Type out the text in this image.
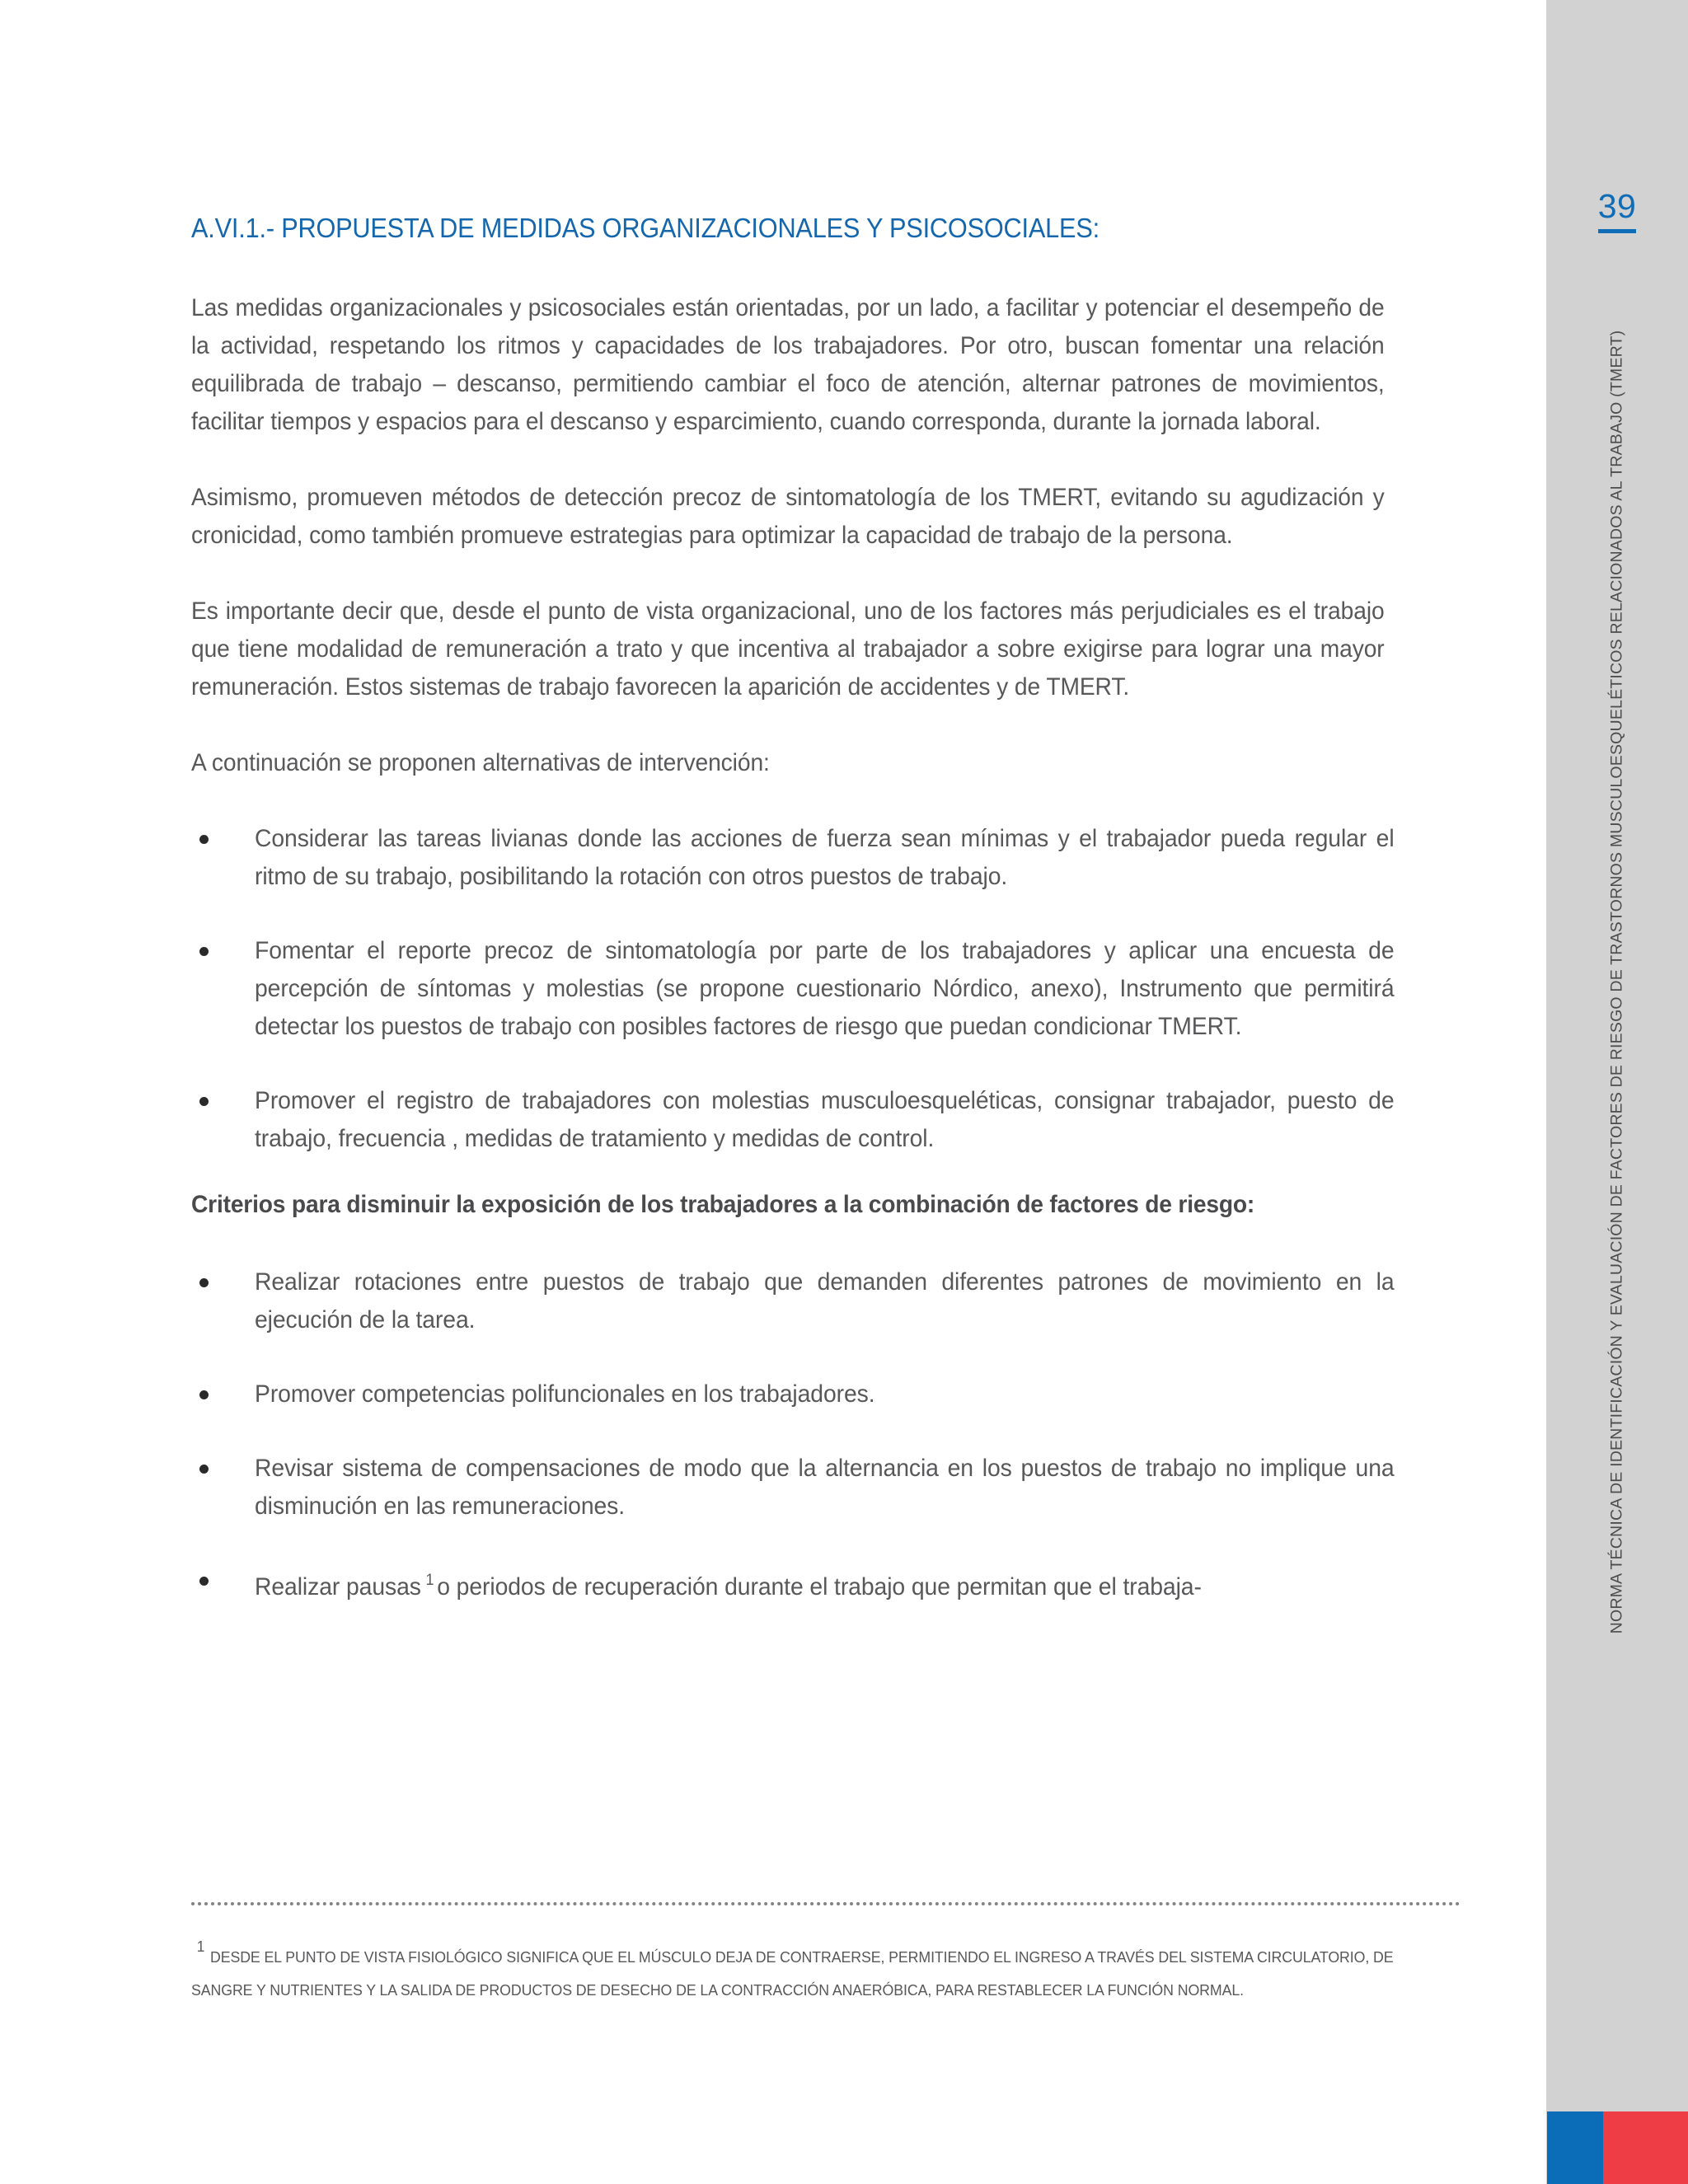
39
NORMA TÉCNICA DE IDENTIFICACIÓN Y EVALUACIÓN DE FACTORES DE RIESGO DE TRASTORNOS MUSCULOESQUELÉTICOS RELACIONADOS AL TRABAJO (TMERT)
A.VI.1.- PROPUESTA DE MEDIDAS ORGANIZACIONALES Y PSICOSOCIALES:

Las medidas organizacionales y psicosociales están orientadas, por un lado, a facilitar y potenciar el desempeño de la actividad, respetando los ritmos y capacidades de los trabajadores. Por otro, buscan fomentar una relación equilibrada de trabajo – descanso, permitiendo cambiar el foco de atención, alternar patrones de movimientos, facilitar tiempos y espacios para el descanso y esparcimiento, cuando corresponda, durante la jornada laboral.

Asimismo, promueven métodos de detección precoz de sintomatología de los TMERT, evitando su agudización y cronicidad, como también promueve estrategias para optimizar la capacidad de trabajo de la persona.

Es importante decir que, desde el punto de vista organizacional, uno de los factores más perjudiciales es el trabajo que tiene modalidad de remuneración a trato y que incentiva al trabajador a sobre exigirse para lograr una mayor remuneración. Estos sistemas de trabajo favorecen la aparición de accidentes y de TMERT.

A continuación se proponen alternativas de intervención:

Considerar las tareas livianas donde las acciones de fuerza sean mínimas y el trabajador pueda regular el ritmo de su trabajo, posibilitando la rotación con otros puestos de trabajo.
Fomentar el reporte precoz de sintomatología por parte de los trabajadores y aplicar una encuesta de percepción de síntomas y molestias (se propone cuestionario Nórdico, anexo), Instrumento que permitirá detectar los puestos de trabajo con posibles factores de riesgo que puedan condicionar TMERT.
Promover el registro de trabajadores con molestias musculoesqueléticas, consignar trabajador, puesto de trabajo, frecuencia , medidas de tratamiento y medidas de control.

Criterios para disminuir la exposición de los trabajadores a la combinación de factores de riesgo:

Realizar rotaciones entre puestos de trabajo que demanden diferentes patrones de movimiento en la ejecución de la tarea.
Promover competencias polifuncionales en los trabajadores.
Revisar sistema de compensaciones de modo que la alternancia en los puestos de trabajo no implique una disminución en las remuneraciones.
Realizar pausas $^1$ o periodos de recuperación durante el trabajo que permitan que el trabaja-
$^1$DESDE EL PUNTO DE VISTA FISIOLÓGICO SIGNIFICA QUE EL MÚSCULO DEJA DE CONTRAERSE, PERMITIENDO EL INGRESO A TRAVÉS DEL SISTEMA CIRCULATORIO, DE
SANGRE Y NUTRIENTES Y LA SALIDA DE PRODUCTOS DE DESECHO DE LA CONTRACCIÓN ANAERÓBICA, PARA RESTABLECER LA FUNCIÓN NORMAL.
